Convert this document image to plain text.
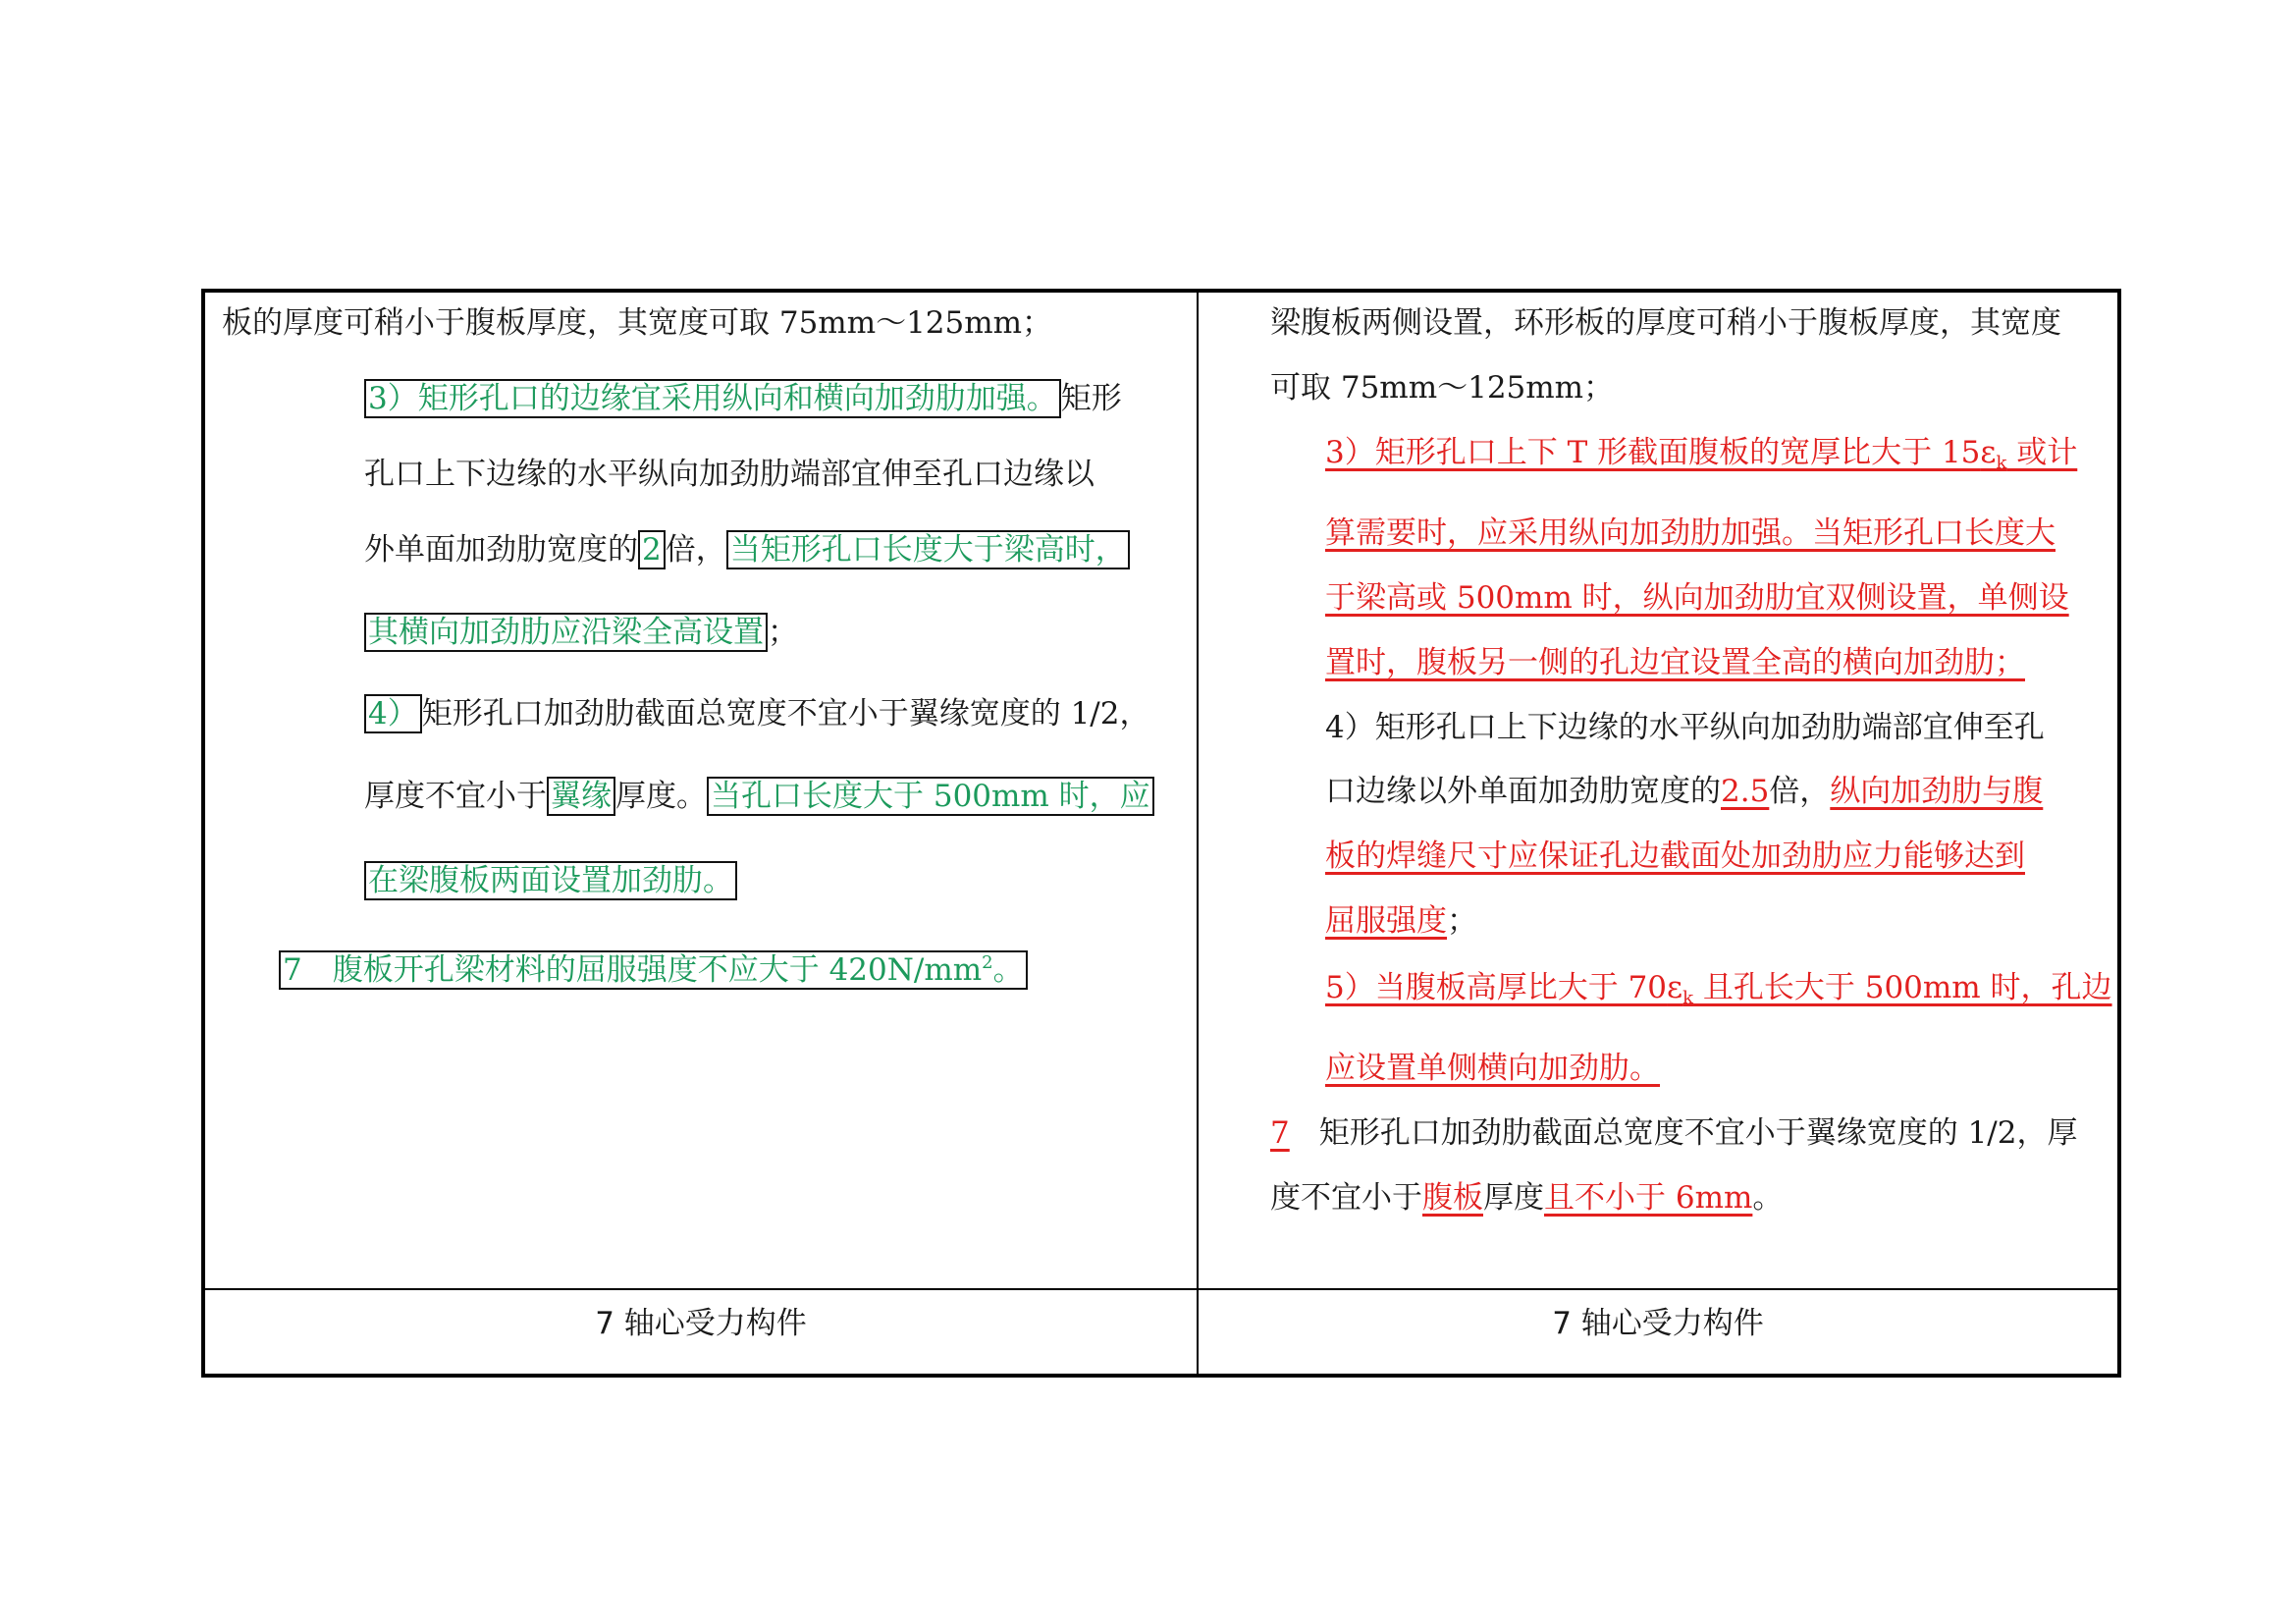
板的厚度可稍小于腹板厚度，其宽度可取 75mm～125mm；
3）矩形孔口的边缘宜采用纵向和横向加劲肋加强。 矩形
孔口上下边缘的水平纵向加劲肋端部宜伸至孔口边缘以
外单面加劲肋宽度的 2 倍， 当矩形孔口长度大于梁高时，
其横向加劲肋应沿梁全高设置 ；
4） 矩形孔口加劲肋截面总宽度不宜小于翼缘宽度的 1/2，
厚度不宜小于 翼缘 厚度。 当孔口长度大于 500mm 时，应
在梁腹板两面设置加劲肋。
7　腹板开孔梁材料的屈服强度不应大于 $420N/mm^2$。
梁腹板两侧设置，环形板的厚度可稍小于腹板厚度，其宽度
可取 75mm～125mm；
3）矩形孔口上下 T 形截面腹板的宽厚比大于 $15\varepsilon_k$ 或计
算需要时，应采用纵向加劲肋加强。当矩形孔口长度大
于梁高或 500mm 时，纵向加劲肋宜双侧设置，单侧设
置时，腹板另一侧的孔边宜设置全高的横向加劲肋；
4）矩形孔口上下边缘的水平纵向加劲肋端部宜伸至孔
口边缘以外单面加劲肋宽度的2.5倍，纵向加劲肋与腹
板的焊缝尺寸应保证孔边截面处加劲肋应力能够达到
屈服强度；
5）当腹板高厚比大于 $70\varepsilon_k$ 且孔长大于 500mm 时，孔边
应设置单侧横向加劲肋。
7 矩形孔口加劲肋截面总宽度不宜小于翼缘宽度的 1/2，厚
度不宜小于腹板厚度且不小于 6mm。
7 轴心受力构件	7 轴心受力构件
